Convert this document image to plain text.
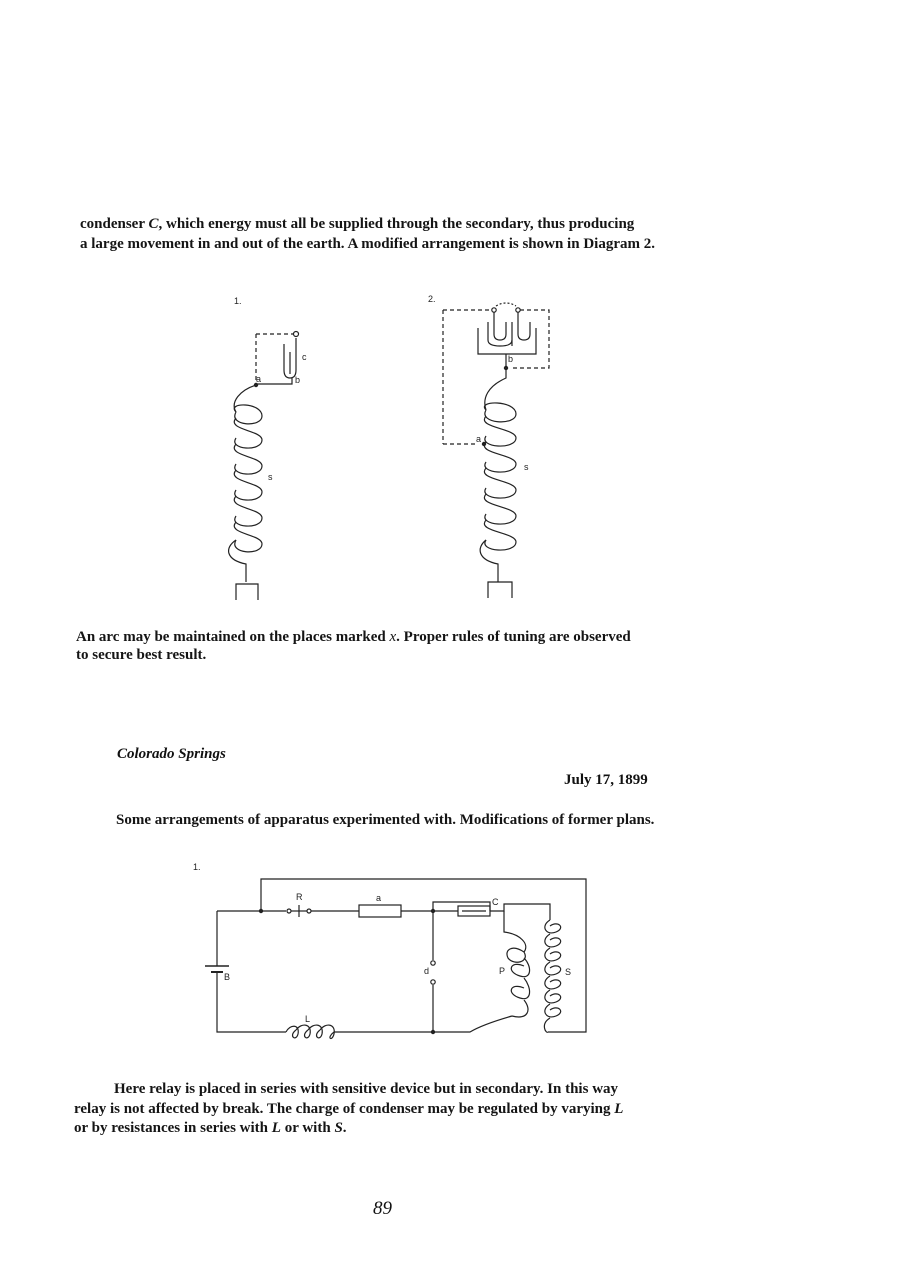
condenser C, which energy must all be supplied through the secondary, thus producing

a large movement in and out of the earth. A modified arrangement is shown in Diagram 2.

1.	2.
c
a	b
s
b
a
s

An arc may be maintained on the places marked x. Proper rules of tuning are observed

to secure best result.

Colorado Springs
July 17, 1899

Some arrangements of apparatus experimented with. Modifications of former plans.

1.
R	a	C
B
d	P	S
L

Here relay is placed in series with sensitive device but in secondary. In this way

relay is not affected by break. The charge of condenser may be regulated by varying L

or by resistances in series with L or with S.

89
